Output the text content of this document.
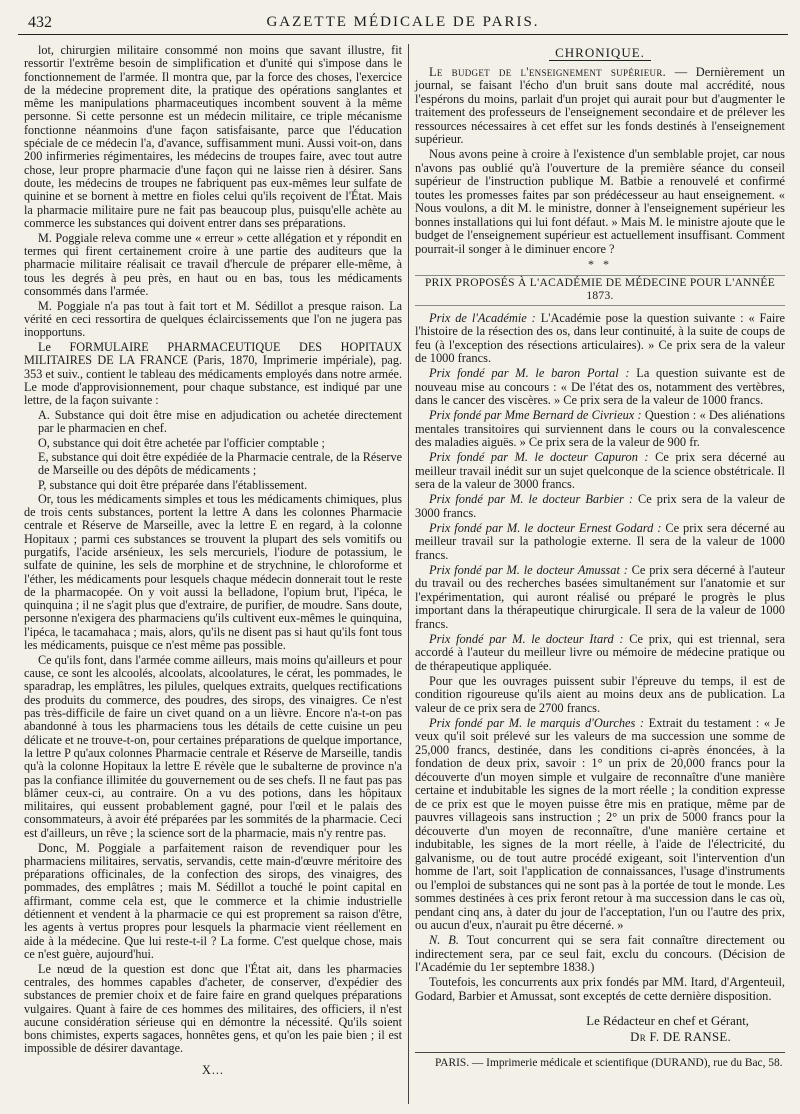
432	GAZETTE MÉDICALE DE PARIS.

lot, chirurgien militaire consommé non moins que savant illustre, fit ressortir l'extrême besoin de simplification et d'unité qui s'impose dans le fonctionnement de l'armée. Il montra que, par la force des choses, l'exercice de la médecine proprement dite, la pratique des opérations sanglantes et même les manipulations pharmaceutiques incombent souvent à la même personne. Si cette personne est un médecin militaire, ce triple mécanisme fonctionne néanmoins d'une façon satisfaisante, parce que l'éducation spéciale de ce médecin l'a, d'avance, suffisamment muni. Aussi voit-on, dans 200 infirmeries régimentaires, les médecins de troupes faire, avec tout autre chose, leur propre pharmacie d'une façon qui ne laisse rien à désirer. Sans doute, les médecins de troupes ne fabriquent pas eux-mêmes leur sulfate de quinine et se bornent à mettre en fioles celui qu'ils reçoivent de l'État. Mais la pharmacie militaire pure ne fait pas beaucoup plus, puisqu'elle achète au commerce les substances qui doivent entrer dans ses préparations.

M. Poggiale releva comme une « erreur » cette allégation et y répondit en termes qui firent certainement croire à une partie des auditeurs que la pharmacie militaire réalisait ce travail d'hercule de préparer elle-même, à tous les degrés à peu près, en haut ou en bas, tous les médicaments consommés dans l'armée.

M. Poggiale n'a pas tout à fait tort et M. Sédillot a presque raison. La vérité en ceci ressortira de quelques éclaircissements que l'on ne jugera pas inopportuns.

Le FORMULAIRE PHARMACEUTIQUE DES HOPITAUX MILITAIRES DE LA FRANCE (Paris, 1870, Imprimerie impériale), pag. 353 et suiv., contient le tableau des médicaments employés dans notre armée. Le mode d'approvisionnement, pour chaque substance, est indiqué par une lettre, de la façon suivante :

A. Substance qui doit être mise en adjudication ou achetée directement par le pharmacien en chef.
O, substance qui doit être achetée par l'officier comptable ;
E, substance qui doit être expédiée de la Pharmacie centrale, de la Réserve de Marseille ou des dépôts de médicaments ;
P, substance qui doit être préparée dans l'établissement.

Or, tous les médicaments simples et tous les médicaments chimiques, plus de trois cents substances, portent la lettre A dans les colonnes Pharmacie centrale et Réserve de Marseille, avec la lettre E en regard, à la colonne Hopitaux ; parmi ces substances se trouvent la plupart des sels vomitifs ou purgatifs, l'acide arsénieux, les sels mercuriels, l'iodure de potassium, le sulfate de quinine, les sels de morphine et de strychnine, le chloroforme et l'éther, les médicaments pour lesquels chaque médecin donnerait tout le reste de la pharmacopée. On y voit aussi la belladone, l'opium brut, l'ipéca, le quinquina ; il ne s'agit plus que d'extraire, de purifier, de moudre. Sans doute, personne n'exigera des pharmaciens qu'ils cultivent eux-mêmes le quinquina, l'ipéca, le tacamahaca ; mais, alors, qu'ils ne disent pas si haut qu'ils font tous les médicaments, puisque ce n'est même pas possible.

Ce qu'ils font, dans l'armée comme ailleurs, mais moins qu'ailleurs et pour cause, ce sont les alcoolés, alcoolats, alcoolatures, le cérat, les pommades, le sparadrap, les emplâtres, les pilules, quelques extraits, quelques rectifications des produits du commerce, des poudres, des sirops, des vinaigres. Ce n'est pas très-difficile de faire un civet quand on a un lièvre. Encore n'a-t-on pas abandonné à tous les pharmaciens tous les détails de cette cuisine un peu délicate et ne trouve-t-on, pour certaines préparations de quelque importance, la lettre P qu'aux colonnes Pharmacie centrale et Réserve de Marseille, tandis qu'à la colonne Hopitaux la lettre E révèle que le subalterne de province n'a pas la confiance illimitée du gouvernement ou de ses chefs. Il ne faut pas pas blâmer ceux-ci, au contraire. On a vu des potions, dans les hôpitaux militaires, qui eussent probablement gagné, pour l'œil et le palais des consommateurs, à avoir été préparées par les sommités de la pharmacie. Ceci est d'ailleurs, un rêve ; la science sort de la pharmacie, mais n'y rentre pas.

Donc, M. Poggiale a parfaitement raison de revendiquer pour les pharmaciens militaires, servatis, servandis, cette main-d'œuvre méritoire des préparations officinales, de la confection des sirops, des vinaigres, des pommades, des emplâtres ; mais M. Sédillot a touché le point capital en affirmant, comme cela est, que le commerce et la chimie industrielle détiennent et vendent à la pharmacie ce qui est proprement sa raison d'être, les agents à vertus propres pour lesquels la pharmacie vient réellement en aide à la médecine. Que lui reste-t-il ? La forme. C'est quelque chose, mais ce n'est guère, aujourd'hui.

Le nœud de la question est donc que l'État ait, dans les pharmacies centrales, des hommes capables d'acheter, de conserver, d'expédier des substances de premier choix et de faire faire en grand quelques préparations vulgaires. Quant à faire de ces hommes des militaires, des officiers, il n'est aucune considération sérieuse qui en démontre la nécessité. Qu'ils soient bons chimistes, experts sagaces, honnêtes gens, et qu'on les paie bien ; il est impossible de désirer davantage.

X...

CHRONIQUE.

Le budget de l'enseignement supérieur. — Dernièrement un journal, se faisant l'écho d'un bruit sans doute mal accrédité, nous l'espérons du moins, parlait d'un projet qui aurait pour but d'augmenter le traitement des professeurs de l'enseignement secondaire et de prélever les ressources nécessaires à cet effet sur les fonds destinés à l'enseignement supérieur.

Nous avons peine à croire à l'existence d'un semblable projet, car nous n'avons pas oublié qu'à l'ouverture de la première séance du conseil supérieur de l'instruction publique M. Batbie a renouvelé et confirmé toutes les promesses faites par son prédécesseur au haut enseignement. « Nous voulons, a dit M. le ministre, donner à l'enseignement supérieur les bonnes installations qui lui font défaut. » Mais M. le ministre ajoute que le budget de l'enseignement supérieur est actuellement insuffisant. Comment pourrait-il songer à le diminuer encore ?

* *

PRIX PROPOSÉS À L'ACADÉMIE DE MÉDECINE POUR L'ANNÉE 1873.

Prix de l'Académie : L'Académie pose la question suivante : « Faire l'histoire de la résection des os, dans leur continuité, à la suite de coups de feu (à l'exception des résections articulaires). » Ce prix sera de la valeur de 1000 francs.

Prix fondé par M. le baron Portal : La question suivante est de nouveau mise au concours : « De l'état des os, notamment des vertèbres, dans le cancer des viscères. » Ce prix sera de la valeur de 1000 francs.

Prix fondé par Mme Bernard de Civrieux : Question : « Des aliénations mentales transitoires qui surviennent dans le cours ou la convalescence des maladies aiguës. » Ce prix sera de la valeur de 900 fr.

Prix fondé par M. le docteur Capuron : Ce prix sera décerné au meilleur travail inédit sur un sujet quelconque de la science obstétricale. Il sera de la valeur de 3000 francs.

Prix fondé par M. le docteur Barbier : Ce prix sera de la valeur de 3000 francs.

Prix fondé par M. le docteur Ernest Godard : Ce prix sera décerné au meilleur travail sur la pathologie externe. Il sera de la valeur de 1000 francs.

Prix fondé par M. le docteur Amussat : Ce prix sera décerné à l'auteur du travail ou des recherches basées simultanément sur l'anatomie et sur l'expérimentation, qui auront réalisé ou préparé le progrès le plus important dans la thérapeutique chirurgicale. Il sera de la valeur de 1000 francs.

Prix fondé par M. le docteur Itard : Ce prix, qui est triennal, sera accordé à l'auteur du meilleur livre ou mémoire de médecine pratique ou de thérapeutique appliquée.

Pour que les ouvrages puissent subir l'épreuve du temps, il est de condition rigoureuse qu'ils aient au moins deux ans de publication. La valeur de ce prix sera de 2700 francs.

Prix fondé par M. le marquis d'Ourches : Extrait du testament : « Je veux qu'il soit prélevé sur les valeurs de ma succession une somme de 25,000 francs, destinée, dans les conditions ci-après énoncées, à la fondation de deux prix, savoir : 1° un prix de 20,000 francs pour la découverte d'un moyen simple et vulgaire de reconnaître d'une manière certaine et indubitable les signes de la mort réelle ; la condition expresse de ce prix est que le moyen puisse être mis en pratique, même par de pauvres villageois sans instruction ; 2° un prix de 5000 francs pour la découverte d'un moyen de reconnaître, d'une manière certaine et indubitable, les signes de la mort réelle, à l'aide de l'électricité, du galvanisme, ou de tout autre procédé exigeant, soit l'intervention d'un homme de l'art, soit l'application de connaissances, l'usage d'instruments ou l'emploi de substances qui ne sont pas à la portée de tout le monde. Les sommes destinées à ces prix feront retour à ma succession dans le cas où, pendant cinq ans, à dater du jour de l'acceptation, l'un ou l'autre des prix, ou aucun d'eux, n'aurait pu être décerné. »

N. B. Tout concurrent qui se sera fait connaître directement ou indirectement sera, par ce seul fait, exclu du concours. (Décision de l'Académie du 1er septembre 1838.)

Toutefois, les concurrents aux prix fondés par MM. Itard, d'Argenteuil, Godard, Barbier et Amussat, sont exceptés de cette dernière disposition.

Le Rédacteur en chef et Gérant,

Dr F. DE RANSE.

PARIS. — Imprimerie médicale et scientifique (DURAND), rue du Bac, 58.
